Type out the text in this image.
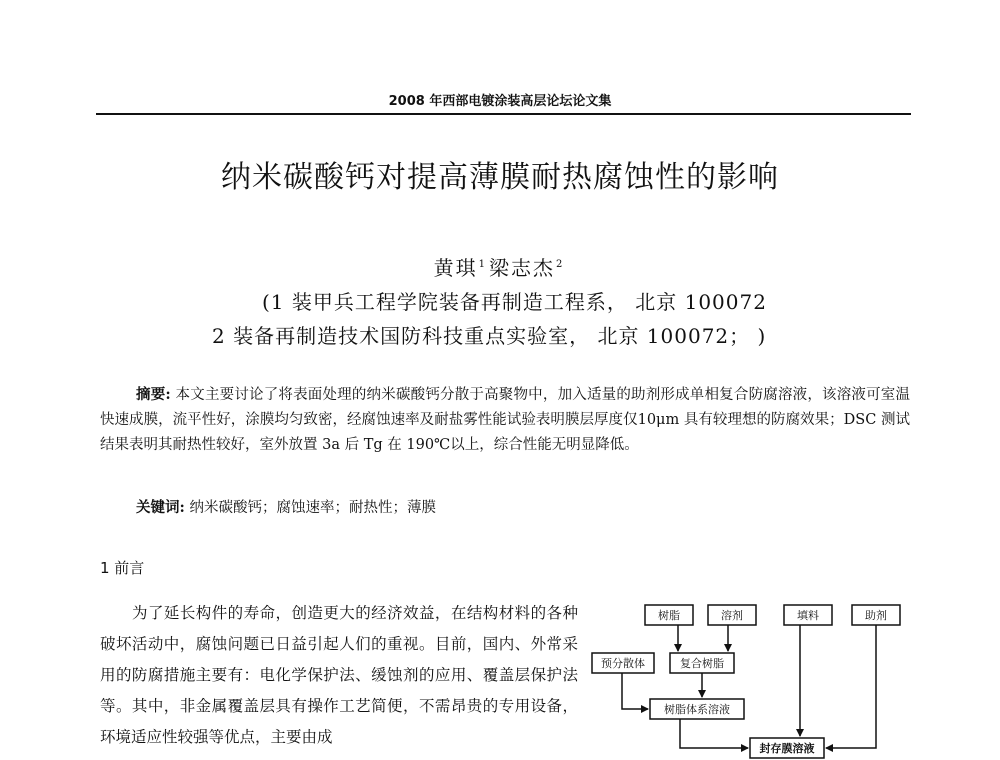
2008 年西部电镀涂装高层论坛论文集
纳米碳酸钙对提高薄膜耐热腐蚀性的影响
黄琪$^1$ 梁志杰$^2$
(1 装甲兵工程学院装备再制造工程系， 北京 100072
2 装备再制造技术国防科技重点实验室， 北京 100072； )

摘要: 本文主要讨论了将表面处理的纳米碳酸钙分散于高聚物中，加入适量的助剂形成单相复合防腐溶液，该溶液可室温快速成膜，流平性好，涂膜均匀致密，经腐蚀速率及耐盐雾性能试验表明膜层厚度仅10μm 具有较理想的防腐效果；DSC 测试结果表明其耐热性较好，室外放置 3a 后 Tg 在 190℃以上，综合性能无明显降低。

关键词: 纳米碳酸钙；腐蚀速率；耐热性；薄膜
1 前言

为了延长构件的寿命，创造更大的经济效益，在结构材料的各种破坏活动中，腐蚀问题已日益引起人们的重视。目前，国内、外常采用的防腐措施主要有：电化学保护法、缓蚀剂的应用、覆盖层保护法等。其中，非金属覆盖层具有操作工艺简便，不需昂贵的专用设备，环境适应性较强等优点，主要由成

树脂	溶剂	填料	助剂
预分散体	复合树脂
树脂体系溶液
封存膜溶液
